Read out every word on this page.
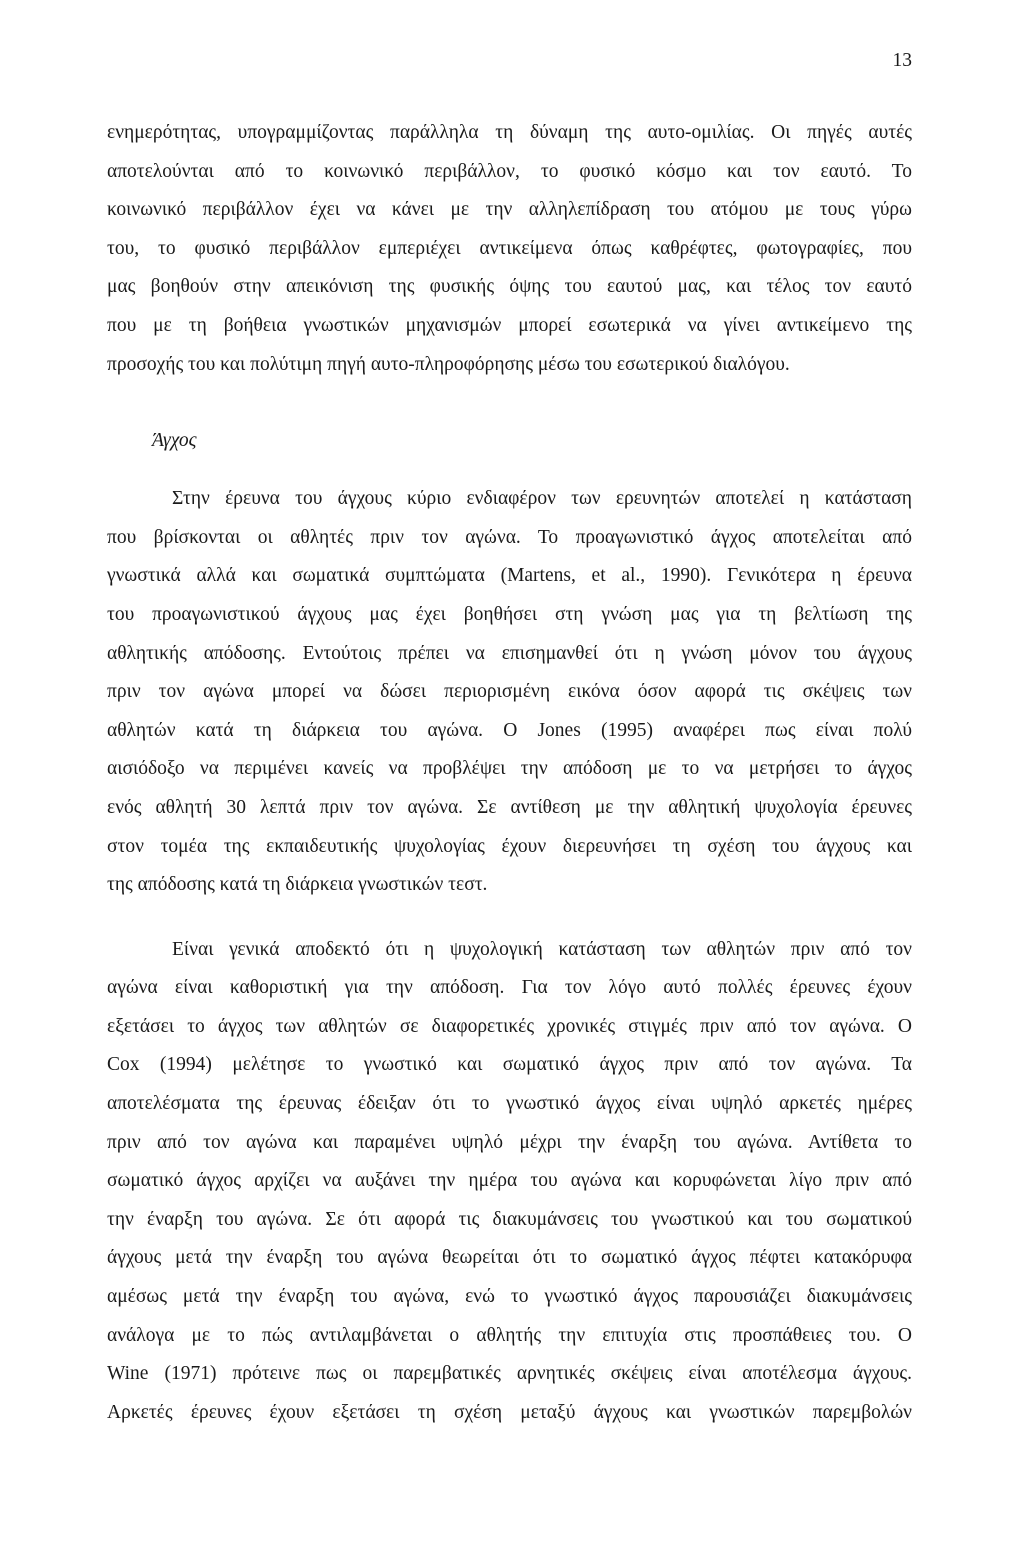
13
ενημερότητας, υπογραμμίζοντας παράλληλα τη δύναμη της αυτο-ομιλίας. Οι πηγές αυτές
αποτελούνται από το κοινωνικό περιβάλλον, το φυσικό κόσμο και τον εαυτό. Το
κοινωνικό περιβάλλον έχει να κάνει με την αλληλεπίδραση του ατόμου με τους γύρω
του, το φυσικό περιβάλλον εμπεριέχει αντικείμενα όπως καθρέφτες, φωτογραφίες, που
μας βοηθούν στην απεικόνιση της φυσικής όψης του εαυτού μας, και τέλος τον εαυτό
που με τη βοήθεια γνωστικών μηχανισμών μπορεί εσωτερικά να γίνει αντικείμενο της
προσοχής του και πολύτιμη πηγή αυτο-πληροφόρησης μέσω του εσωτερικού διαλόγου.
Άγχος
Στην έρευνα του άγχους κύριο ενδιαφέρον των ερευνητών αποτελεί η κατάσταση
που βρίσκονται οι αθλητές πριν τον αγώνα. Το προαγωνιστικό άγχος αποτελείται από
γνωστικά αλλά και σωματικά συμπτώματα (Martens, et al., 1990). Γενικότερα η έρευνα
του προαγωνιστικού άγχους μας έχει βοηθήσει στη γνώση μας για τη βελτίωση της
αθλητικής απόδοσης. Εντούτοις πρέπει να επισημανθεί ότι η γνώση μόνον του άγχους
πριν τον αγώνα μπορεί να δώσει περιορισμένη εικόνα όσον αφορά τις σκέψεις των
αθλητών κατά τη διάρκεια του αγώνα. Ο Jones (1995) αναφέρει πως είναι πολύ
αισιόδοξο να περιμένει κανείς να προβλέψει την απόδοση με το να μετρήσει το άγχος
ενός αθλητή 30 λεπτά πριν τον αγώνα. Σε αντίθεση με την αθλητική ψυχολογία έρευνες
στον τομέα της εκπαιδευτικής ψυχολογίας έχουν διερευνήσει τη σχέση του άγχους και
της απόδοσης κατά τη διάρκεια γνωστικών τεστ.
Είναι γενικά αποδεκτό ότι η ψυχολογική κατάσταση των αθλητών πριν από τον
αγώνα είναι καθοριστική για την απόδοση. Για τον λόγο αυτό πολλές έρευνες έχουν
εξετάσει το άγχος των αθλητών σε διαφορετικές χρονικές στιγμές πριν από τον αγώνα. Ο
Cox (1994) μελέτησε το γνωστικό και σωματικό άγχος πριν από τον αγώνα. Τα
αποτελέσματα της έρευνας έδειξαν ότι το γνωστικό άγχος είναι υψηλό αρκετές ημέρες
πριν από τον αγώνα και παραμένει υψηλό μέχρι την έναρξη του αγώνα. Αντίθετα το
σωματικό άγχος αρχίζει να αυξάνει την ημέρα του αγώνα και κορυφώνεται λίγο πριν από
την έναρξη του αγώνα. Σε ότι αφορά τις διακυμάνσεις του γνωστικού και του σωματικού
άγχους μετά την έναρξη του αγώνα θεωρείται ότι το σωματικό άγχος πέφτει κατακόρυφα
αμέσως μετά την έναρξη του αγώνα, ενώ το γνωστικό άγχος παρουσιάζει διακυμάνσεις
ανάλογα με το πώς αντιλαμβάνεται ο αθλητής την επιτυχία στις προσπάθειες του. Ο
Wine (1971) πρότεινε πως οι παρεμβατικές αρνητικές σκέψεις είναι αποτέλεσμα άγχους.
Αρκετές έρευνες έχουν εξετάσει τη σχέση μεταξύ άγχους και γνωστικών παρεμβολών
